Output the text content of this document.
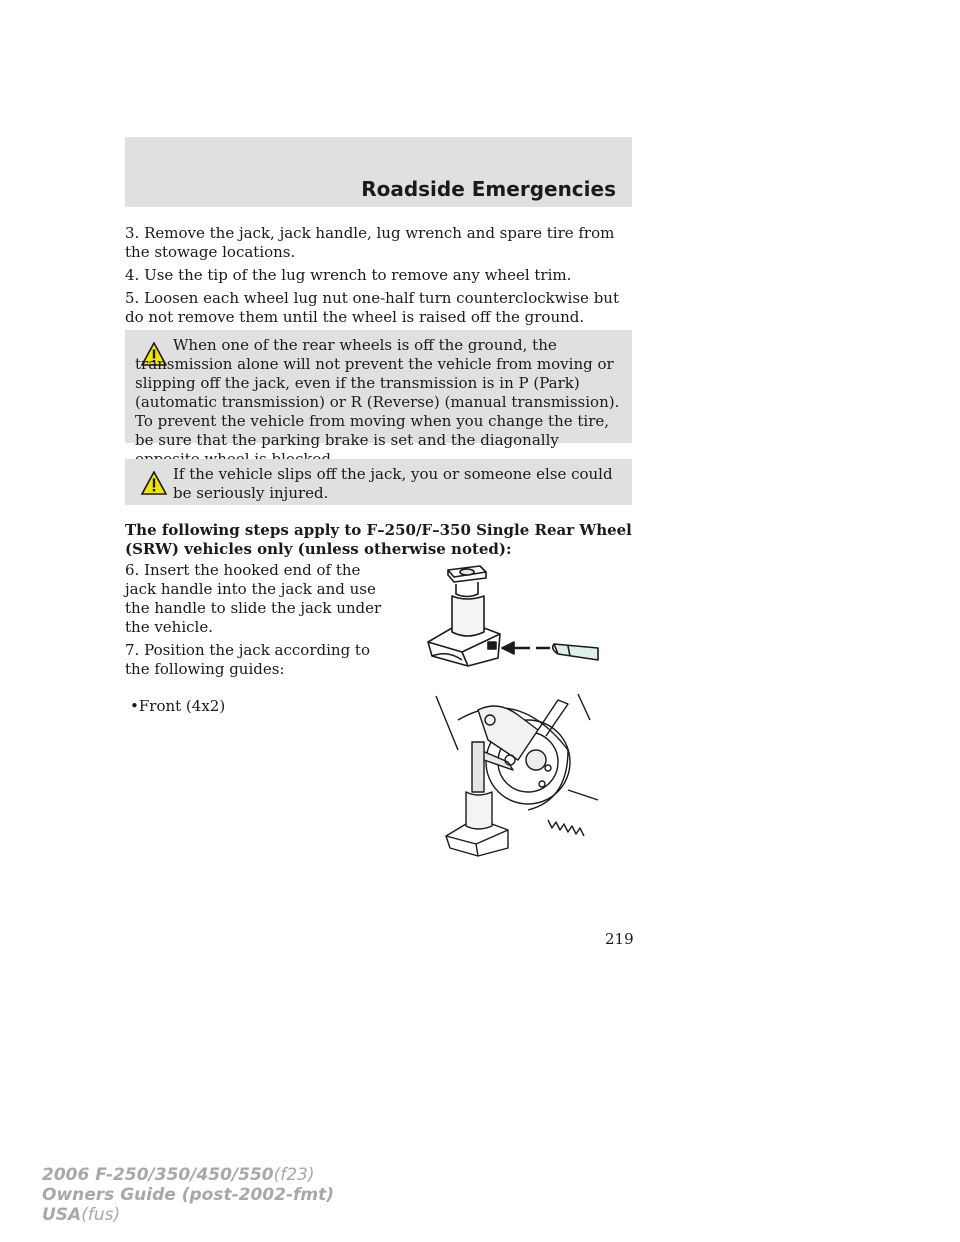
Roadside Emergencies

3. Remove the jack, jack handle, lug wrench and spare tire from the stowage locations.

4. Use the tip of the lug wrench to remove any wheel trim.

5. Loosen each wheel lug nut one-half turn counterclockwise but do not remove them until the wheel is raised off the ground.

When one of the rear wheels is off the ground, the transmission alone will not prevent the vehicle from moving or slipping off the jack, even if the transmission is in P (Park) (automatic transmission) or R (Reverse) (manual transmission). To prevent the vehicle from moving when you change the tire, be sure that the parking brake is set and the diagonally

If the vehicle slips off the jack, you or someone else could be seriously injured.

The following steps apply to F–250/F–350 Single Rear Wheel (SRW) vehicles only (unless otherwise noted):

6. Insert the hooked end of the jack handle into the jack and use the handle to slide the jack under the vehicle.

7. Position the jack according to the following guides:

•Front (4x2)
219
2006 F-250/350/450/550(f23)
Owners Guide (post-2002-fmt)
USA(fus)
